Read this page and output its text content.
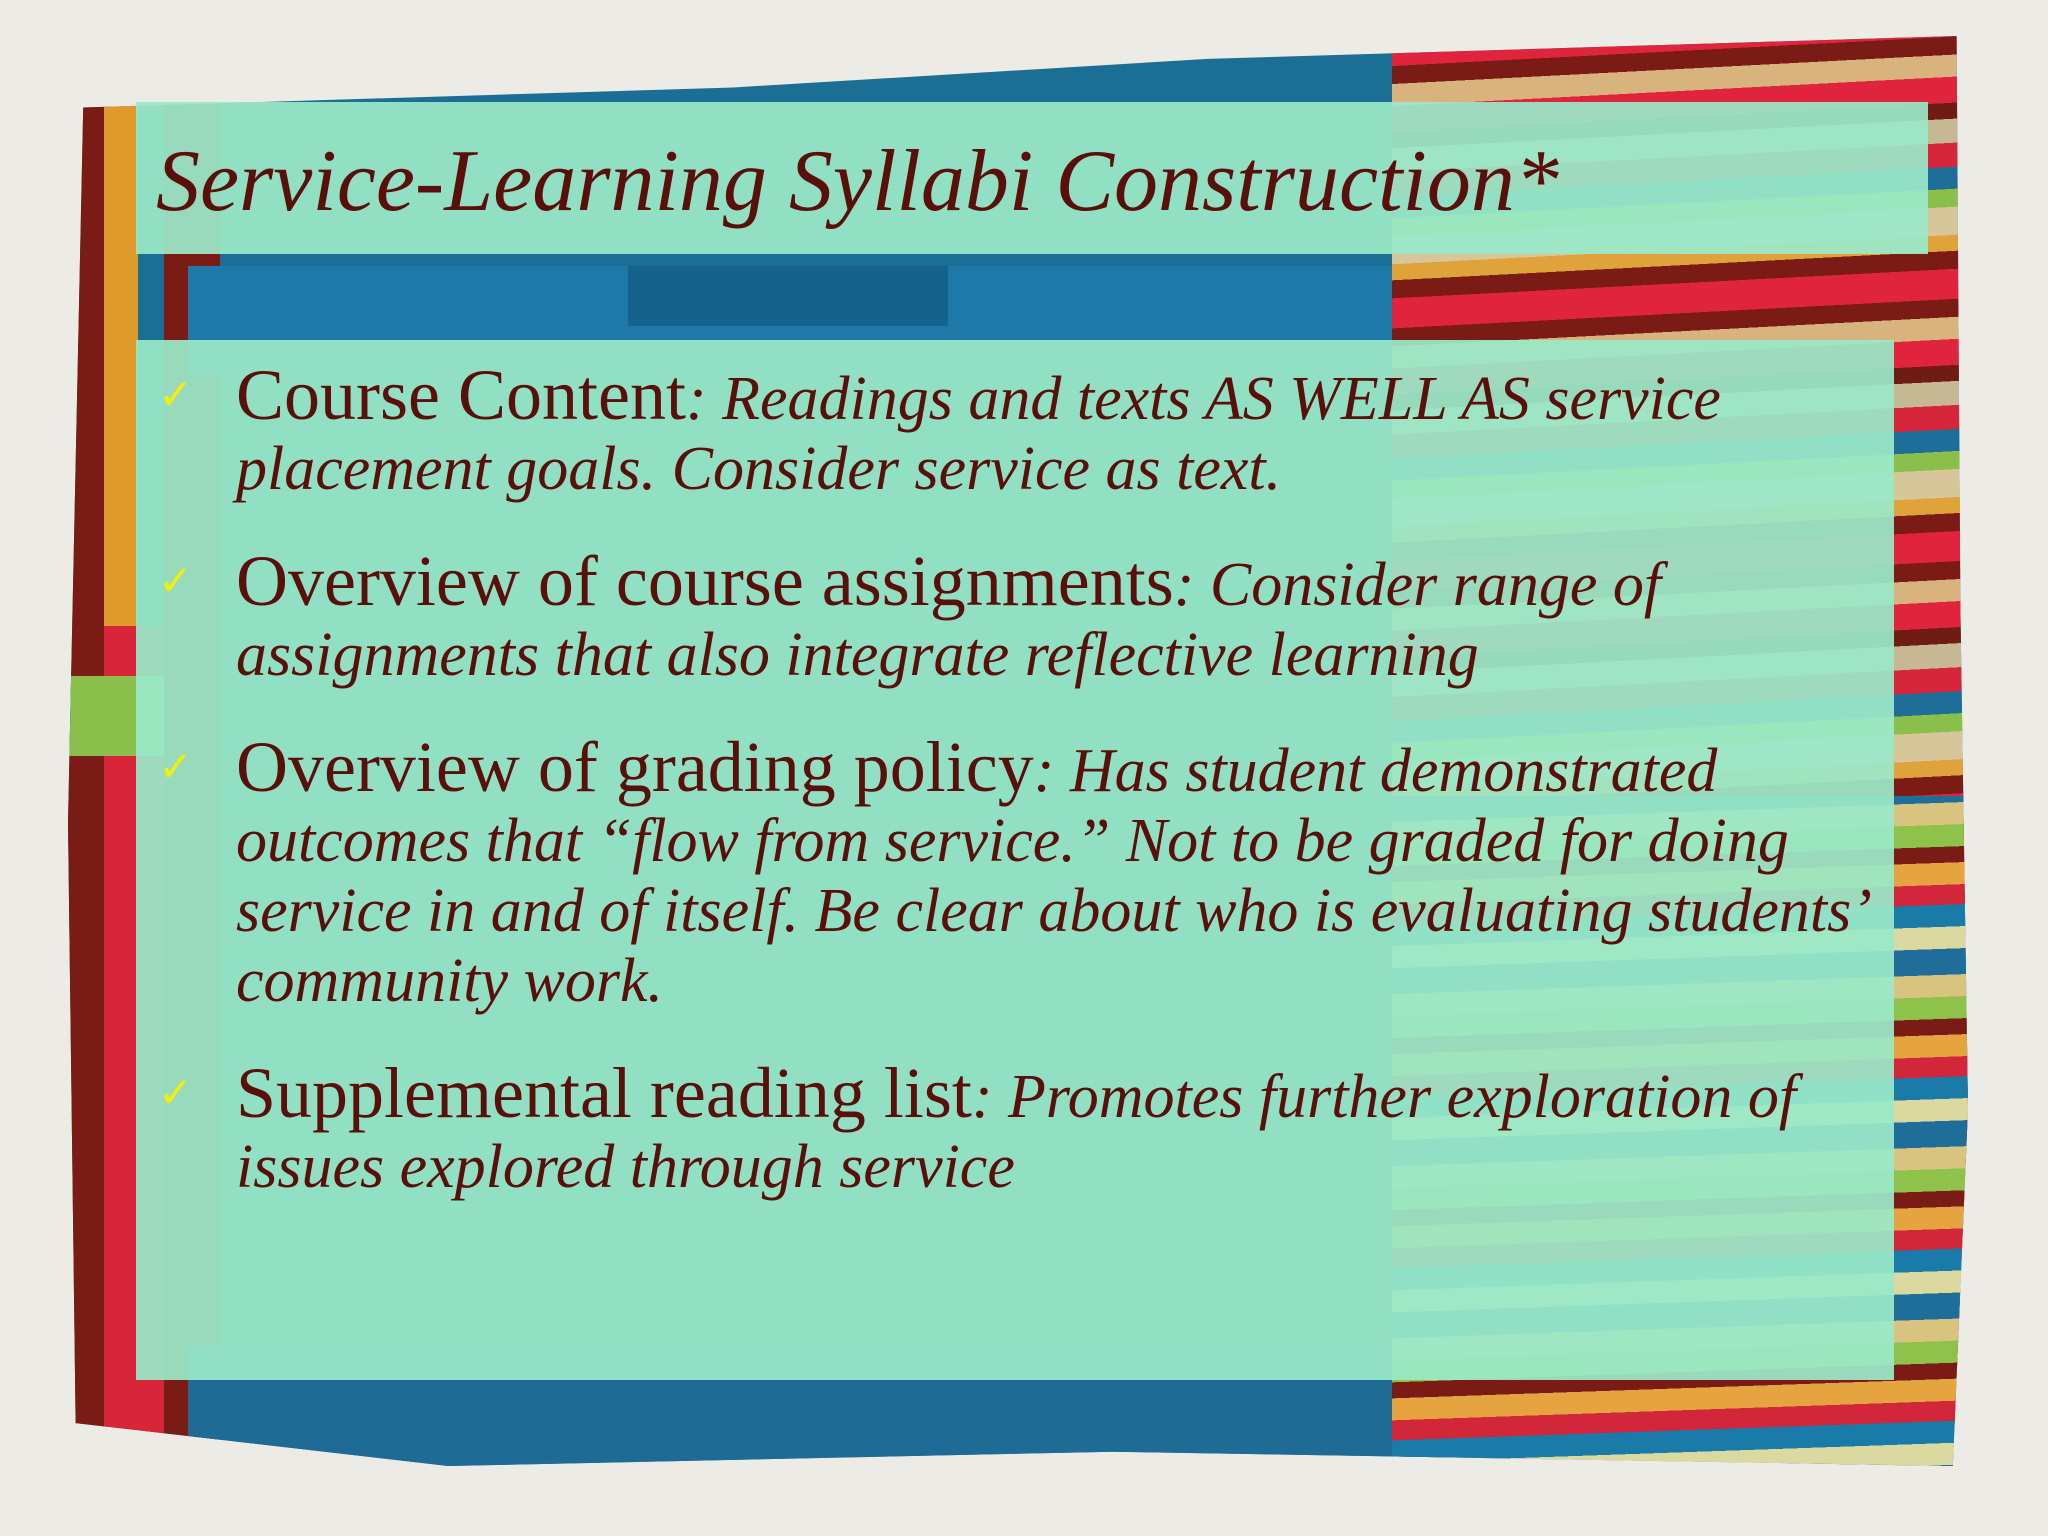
Service-Learning Syllabi Construction*
✓ Course Content: Readings and texts AS WELL AS service placement goals. Consider service as text.
✓ Overview of course assignments: Consider range of assignments that also integrate reflective learning
✓ Overview of grading policy: Has student demonstrated outcomes that “flow from service.” Not to be graded for doing service in and of itself. Be clear about who is evaluating students’ community work.
✓ Supplemental reading list: Promotes further exploration of issues explored through service
